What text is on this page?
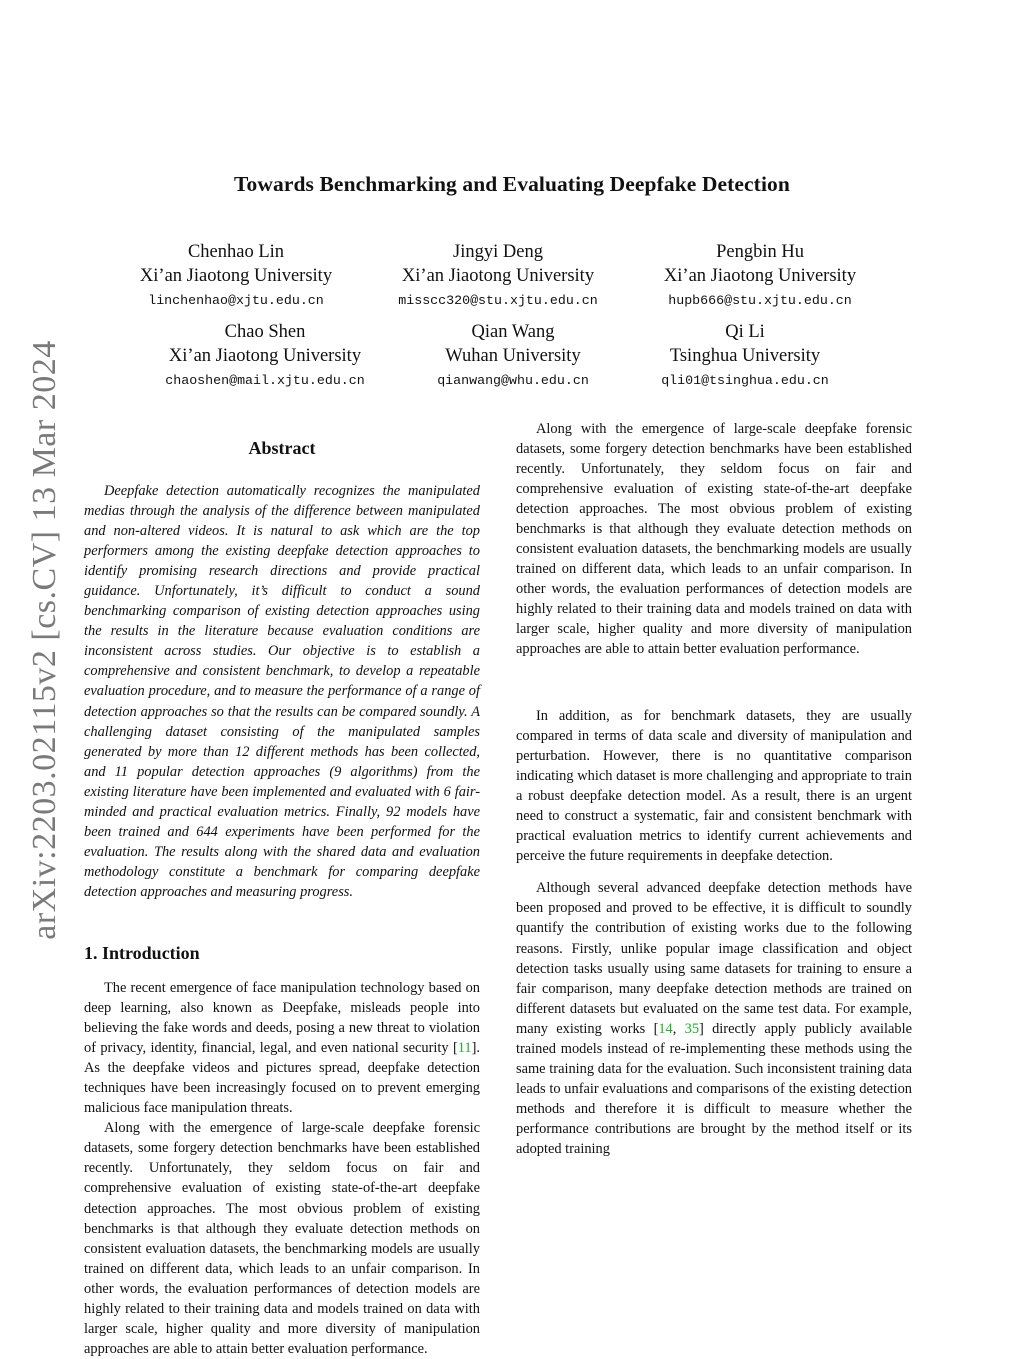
arXiv:2203.02115v2 [cs.CV] 13 Mar 2024
Towards Benchmarking and Evaluating Deepfake Detection
Chenhao Lin
Xi’an Jiaotong University
linchenhao@xjtu.edu.cn
Jingyi Deng
Xi’an Jiaotong University
misscc320@stu.xjtu.edu.cn
Pengbin Hu
Xi’an Jiaotong University
hupb666@stu.xjtu.edu.cn
Chao Shen
Xi’an Jiaotong University
chaoshen@mail.xjtu.edu.cn
Qian Wang
Wuhan University
qianwang@whu.edu.cn
Qi Li
Tsinghua University
qli01@tsinghua.edu.cn
Abstract

Deepfake detection automatically recognizes the manipulated medias through the analysis of the difference between manipulated and non-altered videos. It is natural to ask which are the top performers among the existing deepfake detection approaches to identify promising research directions and provide practical guidance. Unfortunately, it’s difficult to conduct a sound benchmarking comparison of existing detection approaches using the results in the literature because evaluation conditions are inconsistent across studies. Our objective is to establish a comprehensive and consistent benchmark, to develop a repeatable evaluation procedure, and to measure the performance of a range of detection approaches so that the results can be compared soundly. A challenging dataset consisting of the manipulated samples generated by more than 12 different methods has been collected, and 11 popular detection approaches (9 algorithms) from the existing literature have been implemented and evaluated with 6 fair-minded and practical evaluation metrics. Finally, 92 models have been trained and 644 experiments have been performed for the evaluation. The results along with the shared data and evaluation methodology constitute a benchmark for comparing deepfake detection approaches and measuring progress.

1. Introduction

The recent emergence of face manipulation technology based on deep learning, also known as Deepfake, misleads people into believing the fake words and deeds, posing a new threat to violation of privacy, identity, financial, legal, and even national security [11]. As the deepfake videos and pictures spread, deepfake detection techniques have been increasingly focused on to prevent emerging malicious face manipulation threats.

Along with the emergence of large-scale deepfake forensic datasets, some forgery detection benchmarks have been established recently. Unfortunately, they seldom focus on fair and comprehensive evaluation of existing state-of-the-art deepfake detection approaches. The most obvious problem of existing benchmarks is that although they evaluate detection methods on consistent evaluation datasets, the benchmarking models are usually trained on different data, which leads to an unfair comparison. In other words, the evaluation performances of detection models are highly related to their training data and models trained on data with larger scale, higher quality and more diversity of manipulation approaches are able to attain better evaluation performance.

Along with the emergence of large-scale deepfake forensic datasets, some forgery detection benchmarks have been established recently. Unfortunately, they seldom focus on fair and comprehensive evaluation of existing state-of-the-art deepfake detection approaches. The most obvious problem of existing benchmarks is that although they evaluate detection methods on consistent evaluation datasets, the benchmarking models are usually trained on different data, which leads to an unfair comparison. In other words, the evaluation performances of detection models are highly related to their training data and models trained on data with larger scale, higher quality and more diversity of manipulation approaches are able to attain better evaluation performance.

In addition, as for benchmark datasets, they are usually compared in terms of data scale and diversity of manipulation and perturbation. However, there is no quantitative comparison indicating which dataset is more challenging and appropriate to train a robust deepfake detection model. As a result, there is an urgent need to construct a systematic, fair and consistent benchmark with practical evaluation metrics to identify current achievements and perceive the future requirements in deepfake detection.

Although several advanced deepfake detection methods have been proposed and proved to be effective, it is difficult to soundly quantify the contribution of existing works due to the following reasons. Firstly, unlike popular image classification and object detection tasks usually using same datasets for training to ensure a fair comparison, many deepfake detection methods are trained on different datasets but evaluated on the same test data. For example, many existing works [14, 35] directly apply publicly available trained models instead of re-implementing these methods using the same training data for the evaluation. Such inconsistent training data leads to unfair evaluations and comparisons of the existing detection methods and therefore it is difficult to measure whether the performance contributions are brought by the method itself or its adopted training
